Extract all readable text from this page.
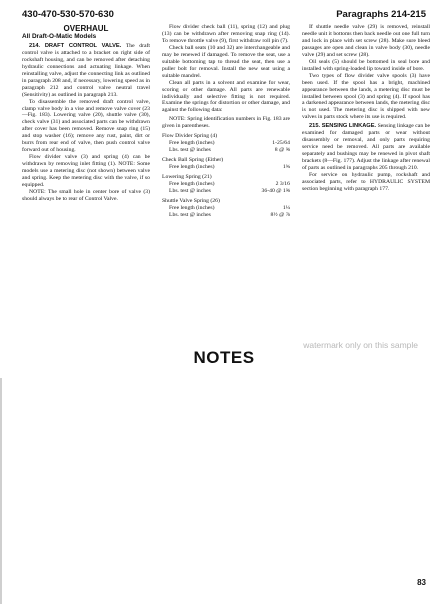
430-470-530-570-630	Paragraphs 214-215
OVERHAUL
All Draft-O-Matic Models

214. DRAFT CONTROL VALVE. The draft control valve is attached to a bracket on right side of rockshaft housing, and can be removed after detaching hydraulic connections and actuating linkage. When reinstalling valve, adjust the connecting link as outlined in paragraph 208 and, if necessary, lowering speed as in paragraph 212 and control valve neutral travel (Sensitivity) as outlined in paragraph 213.

To disassemble the removed draft control valve, clamp valve body in a vise and remove valve cover (23—Fig. 183). Lowering valve (20), shuttle valve (30), check valve (31) and associated parts can be withdrawn after cover has been removed. Remove snap ring (15) and stop washer (16); remove any rust, paint, dirt or burrs from rear end of valve, then push control valve forward out of housing.

Flow divider valve (3) and spring (4) can be withdrawn by removing inlet fitting (1). NOTE: Some models use a metering disc (not shown) between valve and spring. Keep the metering disc with the valve, if so equipped.

NOTE: The small hole in center bore of valve (3) should always be to rear of Control Valve.

Flow divider check ball (11), spring (12) and plug (13) can be withdrawn after removing snap ring (14). To remove throttle valve (9), first withdraw roll pin (7).

Check ball seats (10 and 32) are interchangeable and may be renewed if damaged. To remove the seat, use a suitable bottoming tap to thread the seat, then use a puller bolt for removal. Install the new seat using a suitable mandrel.

Clean all parts in a solvent and examine for wear, scoring or other damage. All parts are renewable individually and selective fitting is not required. Examine the springs for distortion or other damage, and against the following data:

NOTE: Spring identification numbers in Fig. 183 are given in parentheses.

Flow Divider Spring (4)
Free length (inches)	1-25/64
Lbs. test @ inches	8 @ ⅝
Check Ball Spring (Either)
Free length (inches)	1¾
Lowering Spring (21)
Free length (inches)	2 3/16
Lbs. test @ inches	36-40 @ 1⅝
Shuttle Valve Spring (26)
Free length (inches)	1¼
Lbs. test @ inches	8½ @ ⅞

If shuttle needle valve (29) is removed, reinstall needle unit it bottoms then back needle out one full turn and lock in place with set screw (28). Make sure bleed passages are open and clean in valve body (30), needle valve (29) and set screw (28).

Oil seals (5) should be bottomed in seal bore and installed with spring-loaded lip toward inside of bore.

Two types of flow divider valve spools (3) have been used. If the spool has a bright, machined appearance between the lands, a metering disc must be installed between spool (3) and spring (4). If spool has a darkened appearance between lands, the metering disc is not used. The metering disc is shipped with new valves in parts stock where its use is required.

215. SENSING LINKAGE. Sensing linkage can be examined for damaged parts or wear without disassembly or removal, and only parts requiring service need be removed. All parts are available separately and bushings may be renewed in pivot shaft brackets (8—Fig. 177). Adjust the linkage after renewal of parts as outlined in paragraphs 205 through 210.

For service on hydraulic pump, rockshaft and associated parts, refer to HYDRAULIC SYSTEM section beginning with paragraph 177.

watermark only on this sample
NOTES
83
